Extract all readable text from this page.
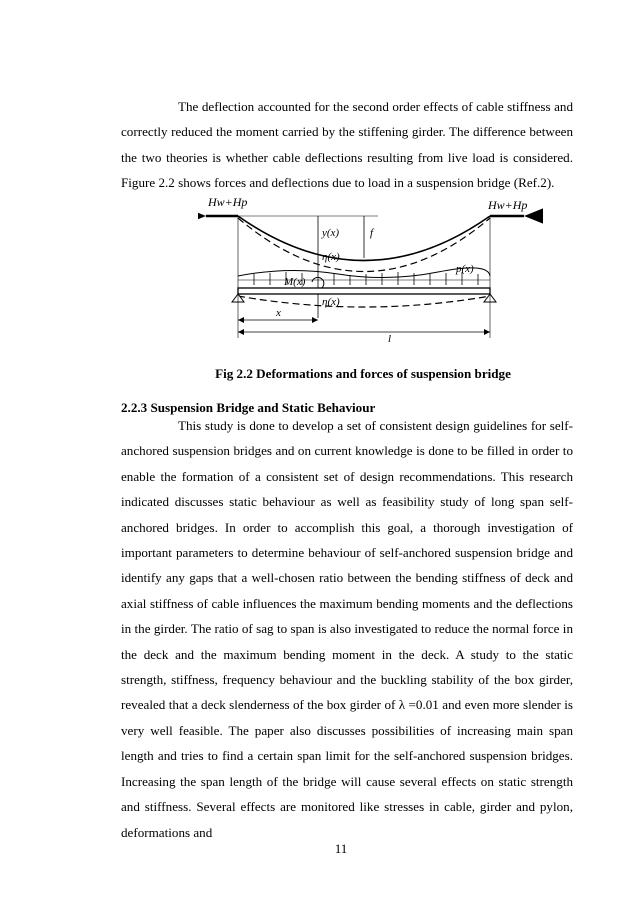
The deflection accounted for the second order effects of cable stiffness and correctly reduced the moment carried by the stiffening girder. The difference between the two theories is whether cable deflections resulting from live load is considered. Figure 2.2 shows forces and deflections due to load in a suspension bridge (Ref.2).

Hw+Hp	Hw+Hp
y(x)	f
η(x)
p(x)
M(x)
η(x)
x
l
Fig 2.2 Deformations and forces of suspension bridge
2.2.3 Suspension Bridge and Static Behaviour

This study is done to develop a set of consistent design guidelines for self-anchored suspension bridges and on current knowledge is done to be filled in order to enable the formation of a consistent set of design recommendations. This research indicated discusses static behaviour as well as feasibility study of long span self-anchored bridges. In order to accomplish this goal, a thorough investigation of important parameters to determine behaviour of self-anchored suspension bridge and identify any gaps that a well-chosen ratio between the bending stiffness of deck and axial stiffness of cable influences the maximum bending moments and the deflections in the girder. The ratio of sag to span is also investigated to reduce the normal force in the deck and the maximum bending moment in the deck. A study to the static strength, stiffness, frequency behaviour and the buckling stability of the box girder, revealed that a deck slenderness of the box girder of λ =0.01 and even more slender is very well feasible. The paper also discusses possibilities of increasing main span length and tries to find a certain span limit for the self-anchored suspension bridges. Increasing the span length of the bridge will cause several effects on static strength and stiffness. Several effects are monitored like stresses in cable, girder and pylon, deformations and

11
